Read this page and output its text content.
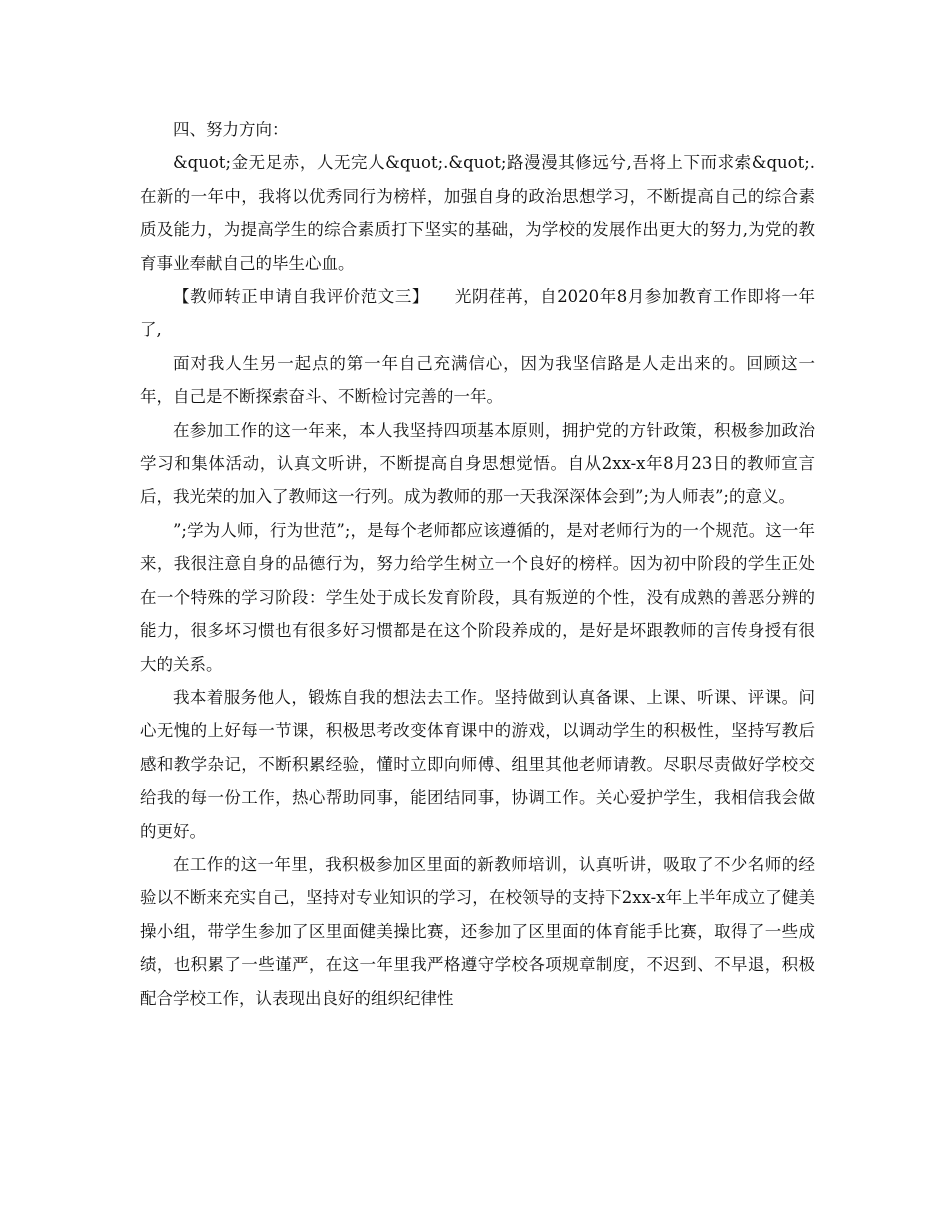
四、努力方向：

&quot;金无足赤，人无完人&quot;.&quot;路漫漫其修远兮,吾将上下而求索&quot;. 在新的一年中，我将以优秀同行为榜样，加强自身的政治思想学习，不断提高自己的综合素质及能力，为提高学生的综合素质打下坚实的基础，为学校的发展作出更大的努力,为党的教育事业奉献自己的毕生心血。

【教师转正申请自我评价范文三】　　光阴荏苒，自2020年8月参加教育工作即将一年了,

面对我人生另一起点的第一年自己充满信心，因为我坚信路是人走出来的。回顾这一年，自己是不断探索奋斗、不断检讨完善的一年。

在参加工作的这一年来，本人我坚持四项基本原则，拥护党的方针政策，积极参加政治学习和集体活动，认真文听讲，不断提高自身思想觉悟。自从2xx-x年8月23日的教师宣言后，我光荣的加入了教师这一行列。成为教师的那一天我深深体会到”;为人师表”;的意义。

”;学为人师，行为世范”;，是每个老师都应该遵循的，是对老师行为的一个规范。这一年来，我很注意自身的品德行为，努力给学生树立一个良好的榜样。因为初中阶段的学生正处在一个特殊的学习阶段：学生处于成长发育阶段，具有叛逆的个性，没有成熟的善恶分辨的能力，很多坏习惯也有很多好习惯都是在这个阶段养成的，是好是坏跟教师的言传身授有很大的关系。

我本着服务他人，锻炼自我的想法去工作。坚持做到认真备课、上课、听课、评课。问心无愧的上好每一节课，积极思考改变体育课中的游戏，以调动学生的积极性，坚持写教后感和教学杂记，不断积累经验，懂时立即向师傅、组里其他老师请教。尽职尽责做好学校交给我的每一份工作，热心帮助同事，能团结同事，协调工作。关心爱护学生，我相信我会做的更好。

在工作的这一年里，我积极参加区里面的新教师培训，认真听讲，吸取了不少名师的经验以不断来充实自己，坚持对专业知识的学习，在校领导的支持下2xx-x年上半年成立了健美操小组，带学生参加了区里面健美操比赛，还参加了区里面的体育能手比赛，取得了一些成绩，也积累了一些谨严，在这一年里我严格遵守学校各项规章制度，不迟到、不早退，积极配合学校工作，认表现出良好的组织纪律性
